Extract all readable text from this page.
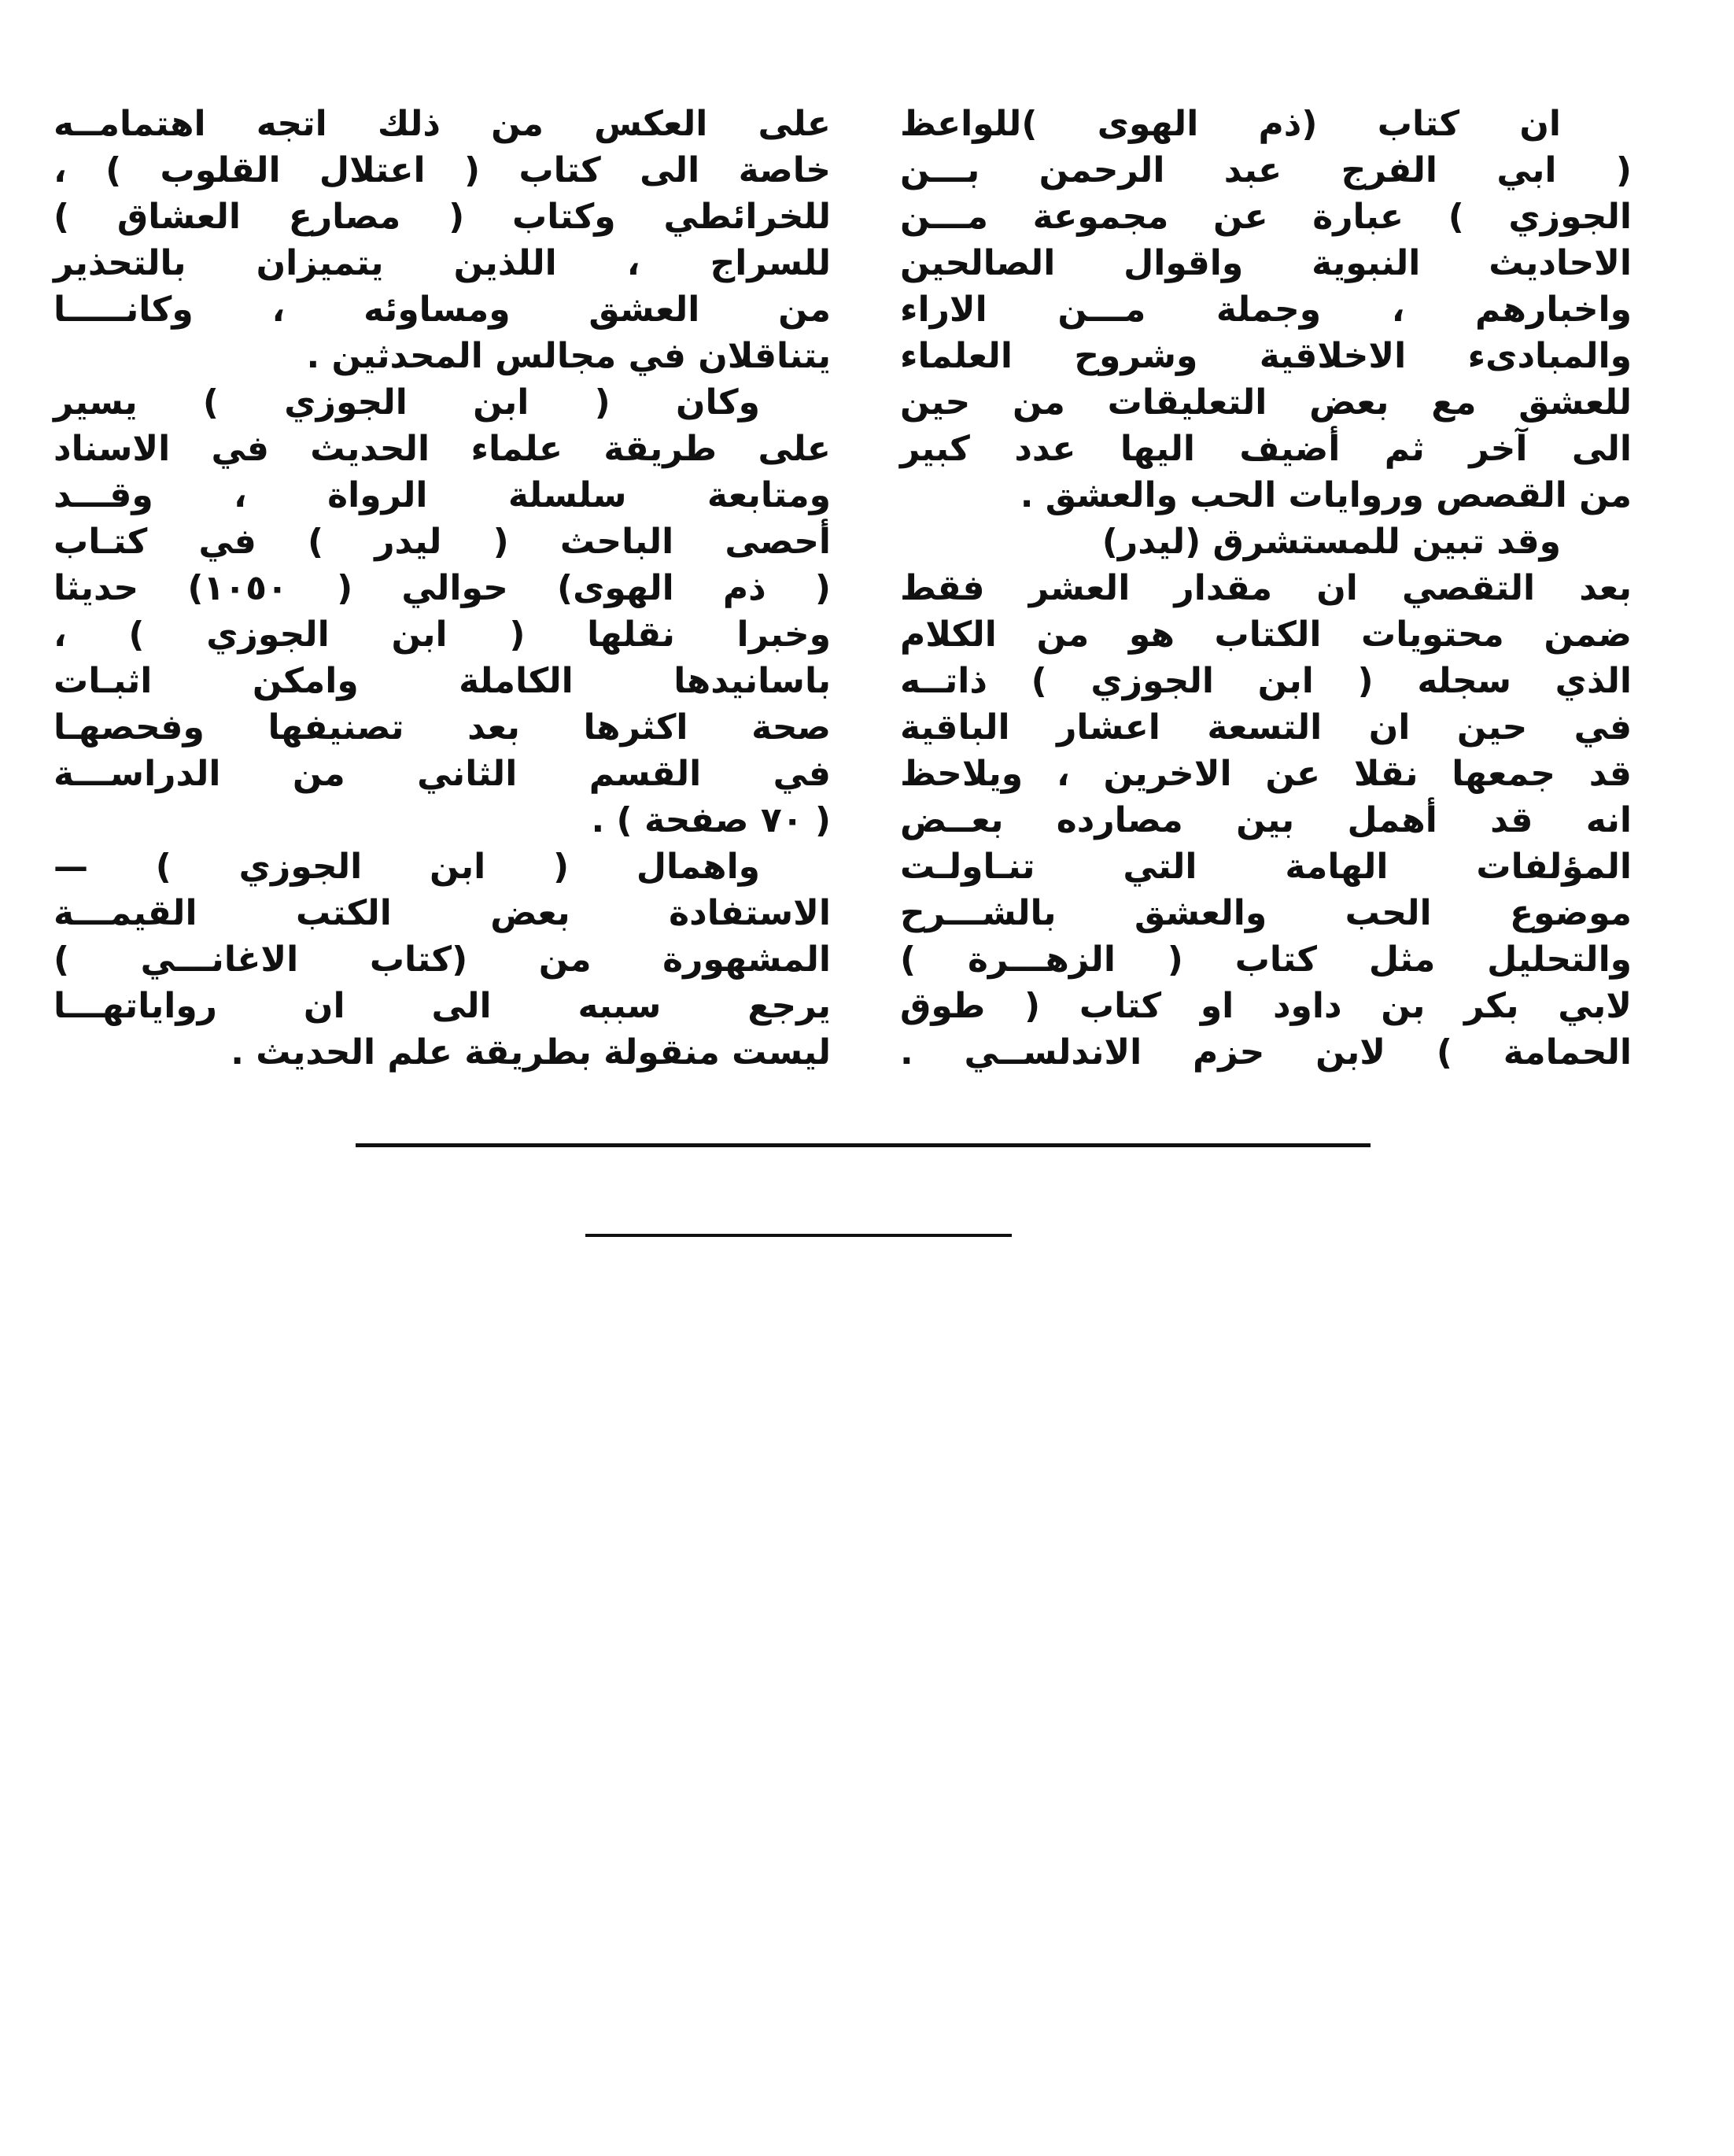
ان كتاب (ذم الهوى )للواعظ
( ابي الفرج عبد الرحمن بـــن
الجوزي ) عبارة عن مجموعة مـــن
الاحاديث النبوية واقوال الصالحين
واخبارهم ، وجملة مـــن الاراء
والمبادىء الاخلاقية وشروح العلماء
للعشق مع بعض التعليقات من حين
الى آخر ثم أضيف اليها عدد كبير
من القصص وروايات الحب والعشق .
وقد تبين للمستشرق (ليدر)
بعد التقصي ان مقدار العشر فقط
ضمن محتويات الكتاب هو من الكلام
الذي سجله ( ابن الجوزي ) ذاتــه
في حين ان التسعة اعشار الباقية
قد جمعها نقلا عن الاخرين ، ويلاحظ
انه قد أهمل بين مصارده بعــض
المؤلفات الهامة التي تنـاولـت
موضوع الحب والعشق بالشـــرح
والتحليل مثل كتاب ( الزهـــرة )
لابي بكر بن داود او كتاب ( طوق
الحمامة ) لابن حزم الاندلســي .
على العكس من ذلك اتجه اهتمامــه
خاصة الى كتاب ( اعتلال القلوب ) ،
للخرائطي وكتاب ( مصارع العشاق )
للسراج ، اللذين يتميزان بالتحذير
من العشق ومساوئه ، وكانـــــا
يتناقلان في مجالس المحدثين .
وكان ( ابن الجوزي ) يسير
على طريقة علماء الحديث في الاسناد
ومتابعة سلسلة الرواة ، وقـــد
أحصى الباحث ( ليدر ) في كتـاب
( ذم الهوى) حوالي ( ١٠٥٠) حديثا
وخبرا نقلها ( ابن الجوزي ) ،
باسانيدها الكاملة وامكن اثبـات
صحة اكثرها بعد تصنيفها وفحصهـا
في القسم الثاني من الدراســـة
( ٧٠ صفحة ) .
واهمال ( ابن الجوزي ) —
الاستفادة بعض الكتب القيمـــة
المشهورة من (كتاب الاغانـــي )
يرجع سببه الى ان رواياتهـــا
ليست منقولة بطريقة علم الحديث .
